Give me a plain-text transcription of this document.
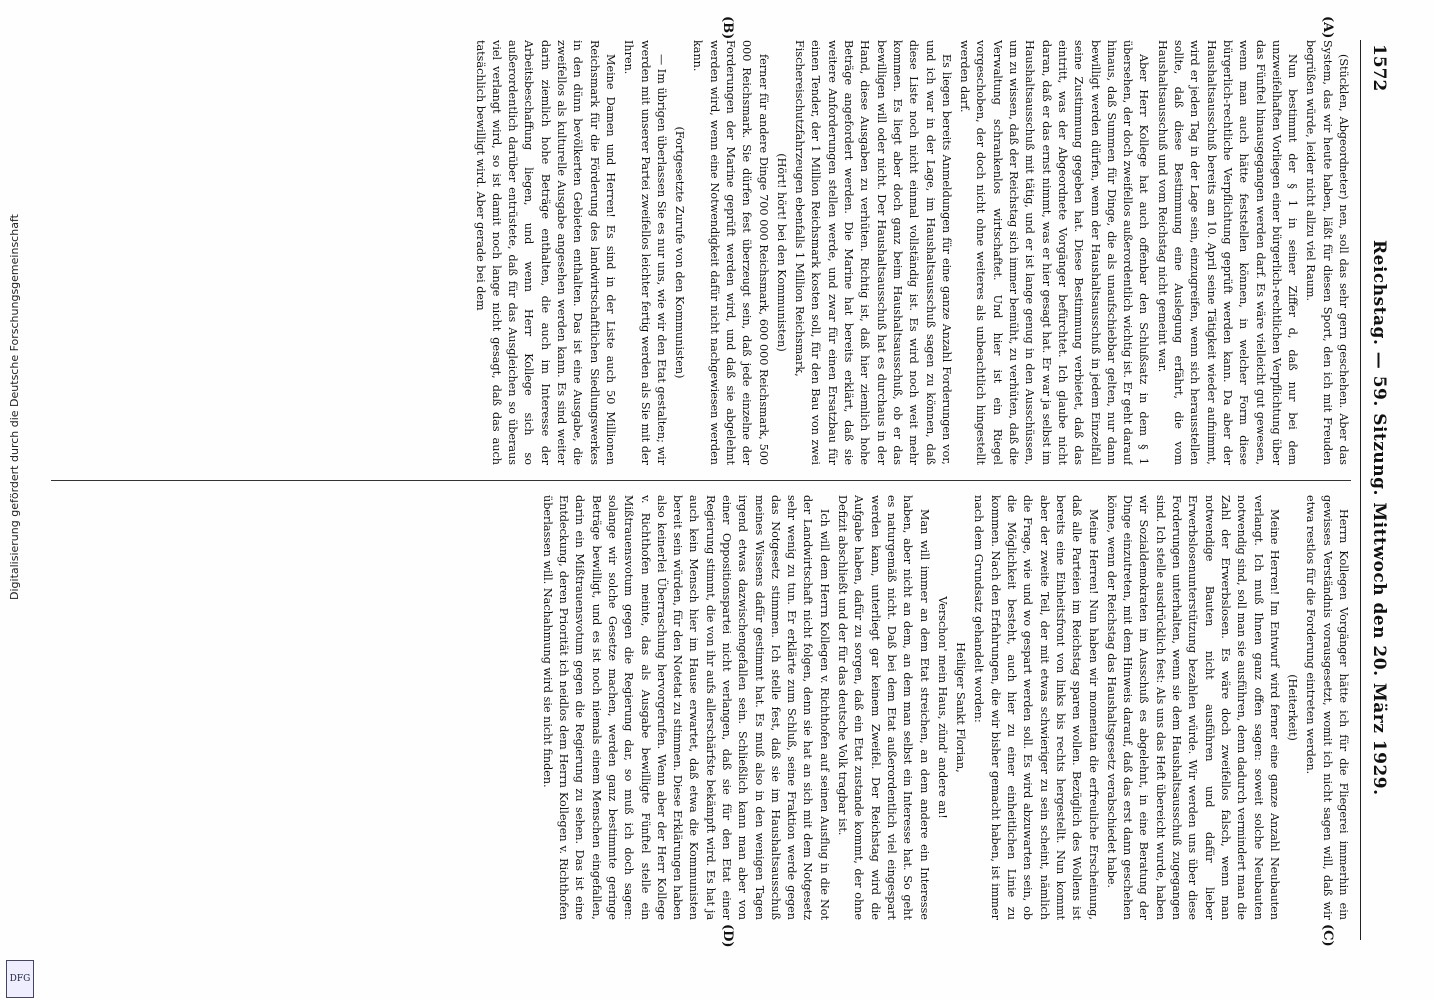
1572
Reichstag. — 59. Sitzung. Mittwoch den 20. März 1929.
(A)
(B)
(C)
(D)

(Stücklen, Abgeordneter) nen, soll das sehr gern geschehen. Aber das System, das wir heute haben, läßt für diesen Sport, den ich mit Freuden begrüßen würde, leider nicht allzu viel Raum.

Nun bestimmt der § 1 in seiner Ziffer d, daß nur bei dem unzweifelhaften Vorliegen einer bürgerlich-rechtlichen Verpflichtung über das Fünftel hinausgegangen werden darf. Es wäre vielleicht gut gewesen, wenn man auch hätte feststellen können, in welcher Form diese bürgerlich-rechtliche Verpflichtung geprüft werden kann. Da aber der Haushaltsausschuß bereits am 10. April seine Tätigkeit wieder aufnimmt, wird er jeden Tag in der Lage sein, einzugreifen, wenn sich herausstellen sollte, daß diese Bestimmung eine Auslegung erfährt, die vom Haushaltsausschuß und vom Reichstag nicht gemeint war.

Aber Herr Kollege hat auch offenbar den Schlußsatz in dem § 1 übersehen, der doch zweifellos außerordentlich wichtig ist. Er geht darauf hinaus, daß Summen für Dinge, die als unaufschiebbar gelten, nur dann bewilligt werden dürfen, wenn der Haushaltsausschuß in jedem Einzelfall seine Zustimmung gegeben hat. Diese Bestimmung verbietet, daß das eintritt, was der Abgeordnete Vorgänger befürchtet. Ich glaube nicht daran, daß er das ernst nimmt, was er hier gesagt hat. Er war ja selbst im Haushaltsausschuß mit tätig, und er ist lange genug in den Ausschüssen, um zu wissen, daß der Reichstag sich immer bemüht, zu verhüten, daß die Verwaltung schrankenlos wirtschaftet. Und hier ist ein Riegel vorgeschoben, der doch nicht ohne weiteres als unbeachtlich hingestellt werden darf.

Es liegen bereits Anmeldungen für eine ganze Anzahl Forderungen vor, und ich war in der Lage, im Haushaltsausschuß sagen zu können, daß diese Liste noch nicht einmal vollständig ist. Es wird noch weit mehr kommen. Es liegt aber doch ganz beim Haushaltsausschuß, ob er das bewilligen will oder nicht. Der Haushaltsausschuß hat es durchaus in der Hand, diese Ausgaben zu verhüten. Richtig ist, daß hier ziemlich hohe Beträge angefordert werden. Die Marine hat bereits erklärt, daß sie weitere Anforderungen stellen werde, und zwar für einen Ersatzbau für einen Tender, der 1 Million Reichsmark kosten soll, für den Bau von zwei Fischereischutzfahrzeugen ebenfalls 1 Million Reichsmark,

(Hört! hört! bei den Kommunisten)

ferner für andere Dinge 700 000 Reichsmark, 600 000 Reichsmark, 500 000 Reichsmark. Sie dürfen fest überzeugt sein, daß jede einzelne der Forderungen der Marine geprüft werden wird, und daß sie abgelehnt werden wird, wenn eine Notwendigkeit dafür nicht nachgewiesen werden kann.

(Fortgesetzte Zurufe von den Kommunisten)

— Im übrigen überlassen Sie es nur uns, wie wir den Etat gestalten; wir werden mit unserer Partei zweifellos leichter fertig werden als Sie mit der Ihren.

Meine Damen und Herren! Es sind in der Liste auch 50 Millionen Reichsmark für die Förderung des landwirtschaftlichen Siedlungswerkes in den dünn bevölkerten Gebieten enthalten. Das ist eine Ausgabe, die zweifellos als kulturelle Ausgabe angesehen werden kann. Es sind weiter darin ziemlich hohe Beträge enthalten, die auch im Interesse der Arbeitsbeschaffung liegen, und wenn Herr Kollege sich so außerordentlich darüber entrüstete, daß für das Ausgleichen so überaus viel verlangt wird, so ist damit noch lange nicht gesagt, daß das auch tatsächlich bewilligt wird. Aber gerade bei dem

Herrn Kollegen Vorgänger hätte ich für die Fliegerei immerhin ein gewisses Verständnis vorausgesetzt, womit ich nicht sagen will, daß wir etwa restlos für die Forderung eintreten werden.

(Heiterkeit)

Meine Herren! Im Entwurf wird ferner eine ganze Anzahl Neubauten verlangt. Ich muß Ihnen ganz offen sagen: soweit solche Neubauten notwendig sind, soll man sie ausführen, denn dadurch vermindert man die Zahl der Erwerbslosen. Es wäre doch zweifellos falsch, wenn man notwendige Bauten nicht ausführen und dafür lieber Erwerbslosenunterstützung bezahlen würde. Wir werden uns über diese Forderungen unterhalten, wenn sie dem Haushaltsausschuß zugegangen sind. Ich stelle ausdrücklich fest: Als uns das Heft übereicht wurde, haben wir Sozialdemokraten im Ausschuß es abgelehnt, in eine Beratung der Dinge einzutreten, mit dem Hinweis darauf, daß das erst dann geschehen könne, wenn der Reichstag das Haushaltsgesetz verabschiedet habe.

Meine Herren! Nun haben wir momentan die erfreuliche Erscheinung, daß alle Parteien im Reichstag sparen wollen. Bezüglich des Wollens ist bereits eine Einheitsfront von links bis rechts hergestellt. Nun kommt aber der zweite Teil, der mit etwas schwieriger zu sein scheint, nämlich die Frage, wie und wo gespart werden soll. Es wird abzuwarten sein, ob die Möglichkeit besteht, auch hier zu einer einheitlichen Linie zu kommen. Nach den Erfahrungen, die wir bisher gemacht haben, ist immer nach dem Grundsatz gehandelt worden:

Heiliger Sankt Florian,

Verschon' mein Haus, zünd' andere an!

Man will immer an dem Etat streichen, an dem andere ein Interesse haben, aber nicht an dem, an dem man selbst ein Interesse hat. So geht es naturgemäß nicht. Daß bei dem Etat außerordentlich viel eingespart werden kann, unterliegt gar keinem Zweifel. Der Reichstag wird die Aufgabe haben, dafür zu sorgen, daß ein Etat zustande kommt, der ohne Defizit abschließt und der für das deutsche Volk tragbar ist.

Ich will dem Herrn Kollegen v. Richthofen auf seinen Ausflug in die Not der Landwirtschaft nicht folgen, denn sie hat an sich mit dem Notgesetz sehr wenig zu tun. Er erklärte zum Schluß, seine Fraktion werde gegen das Notgesetz stimmen. Ich stelle fest, daß sie im Haushaltsausschuß meines Wissens dafür gestimmt hat. Es muß also in den wenigen Tagen irgend etwas dazwischengefallen sein. Schließlich kann man aber von einer Oppositionspartei nicht verlangen, daß sie für den Etat einer Regierung stimmt, die von ihr aufs allerschärfste bekämpft wird. Es hat ja auch kein Mensch hier im Hause erwartet, daß etwa die Kommunisten bereit sein würden, für den Notetat zu stimmen. Diese Erklärungen haben also keinerlei Überraschung hervorgerufen. Wenn aber der Herr Kollege v. Richthofen meinte, das als Ausgabe bewilligte Fünftel stelle ein Mißtrauensvotum gegen die Regierung dar, so muß ich doch sagen: solange wir solche Gesetze machen, werden ganz bestimmte geringe Beträge bewilligt, und es ist noch niemals einem Menschen eingefallen, darin ein Mißtrauensvotum gegen die Regierung zu sehen. Das ist eine Entdeckung, deren Priorität ich neidlos dem Herrn Kollegen v. Richthofen überlassen will. Nachahmung wird sie nicht finden.

Digitalisierung gefördert durch die Deutsche Forschungsgemeinschaft
DFG
